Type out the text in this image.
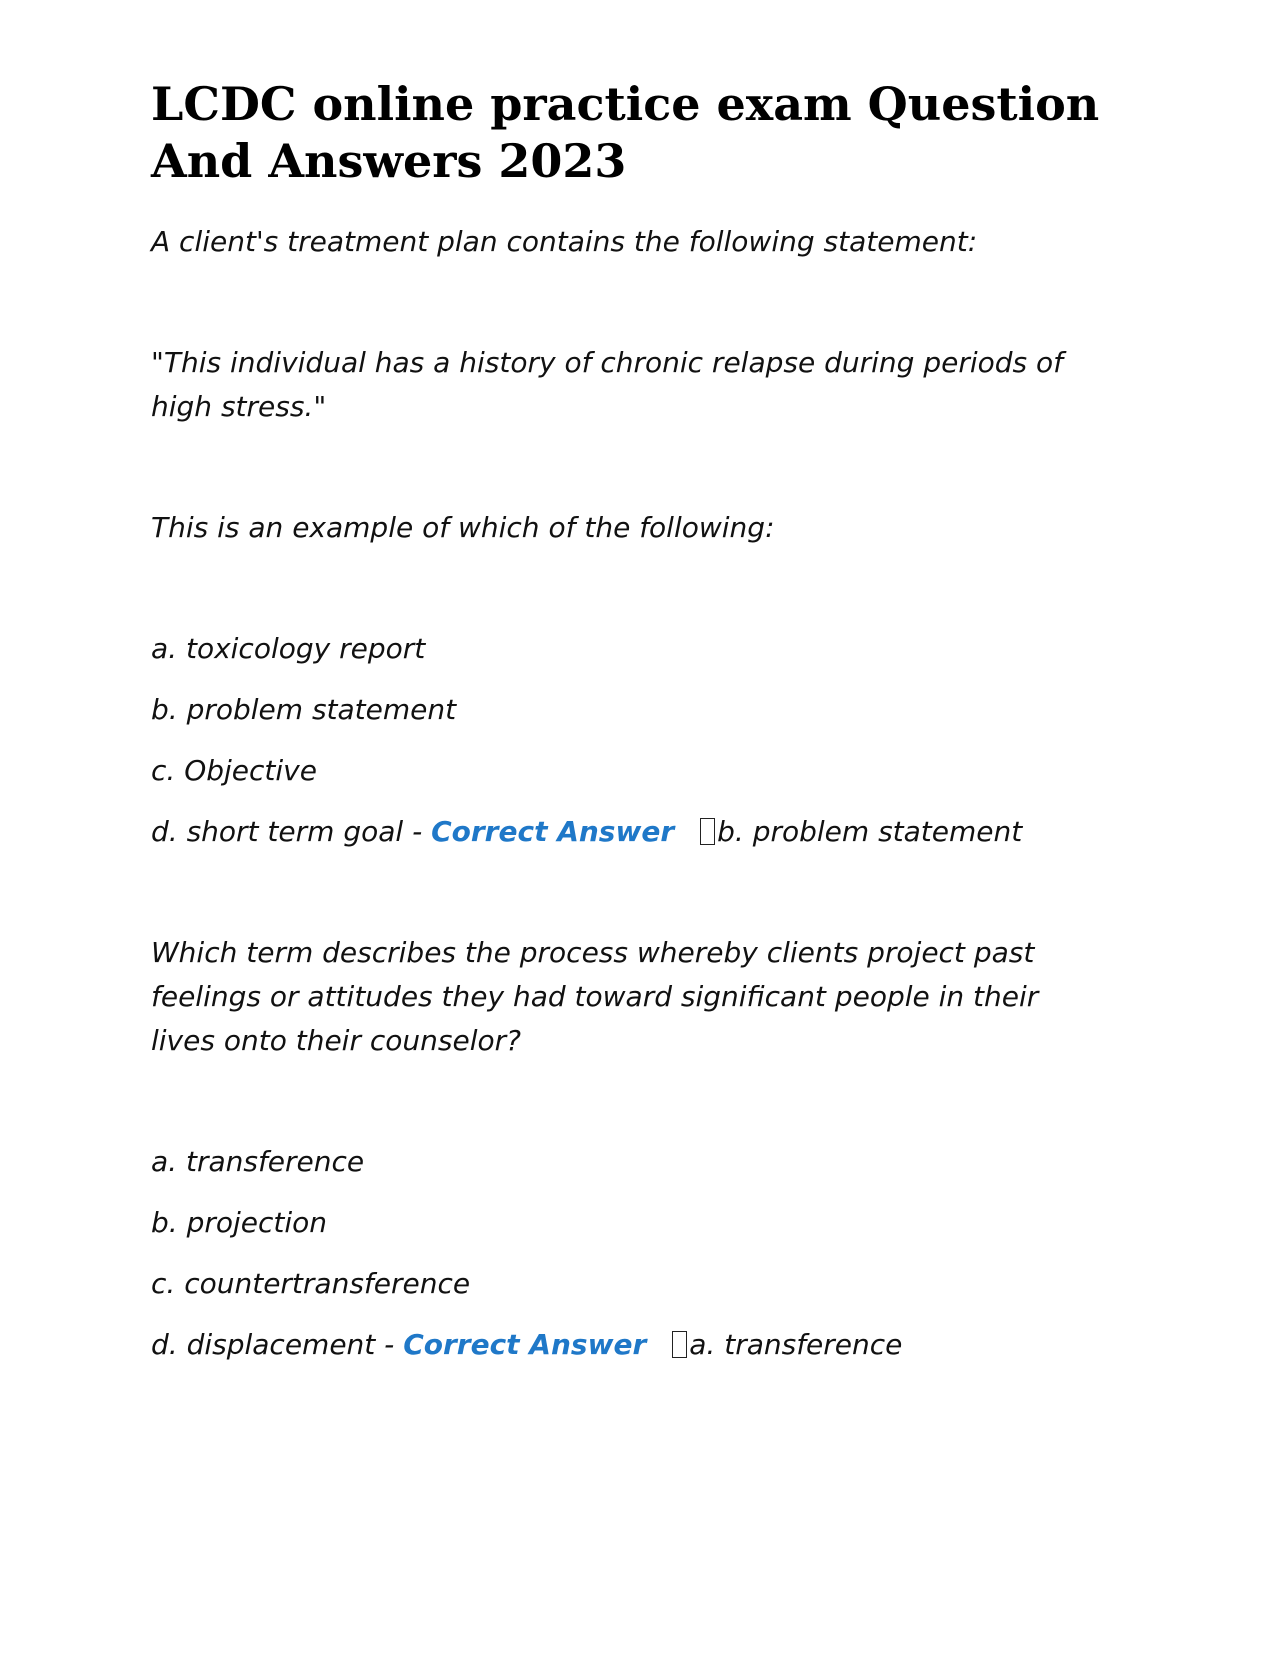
LCDC online practice exam Question And Answers 2023

A client's treatment plan contains the following statement:

"This individual has a history of chronic relapse during periods of high stress."

This is an example of which of the following:

a. toxicology report

b. problem statement

c. Objective

d. short term goal - Correct Answer b. problem statement

Which term describes the process whereby clients project past feelings or attitudes they had toward significant people in their lives onto their counselor?

a. transference

b. projection

c. countertransference

d. displacement - Correct Answer a. transference
